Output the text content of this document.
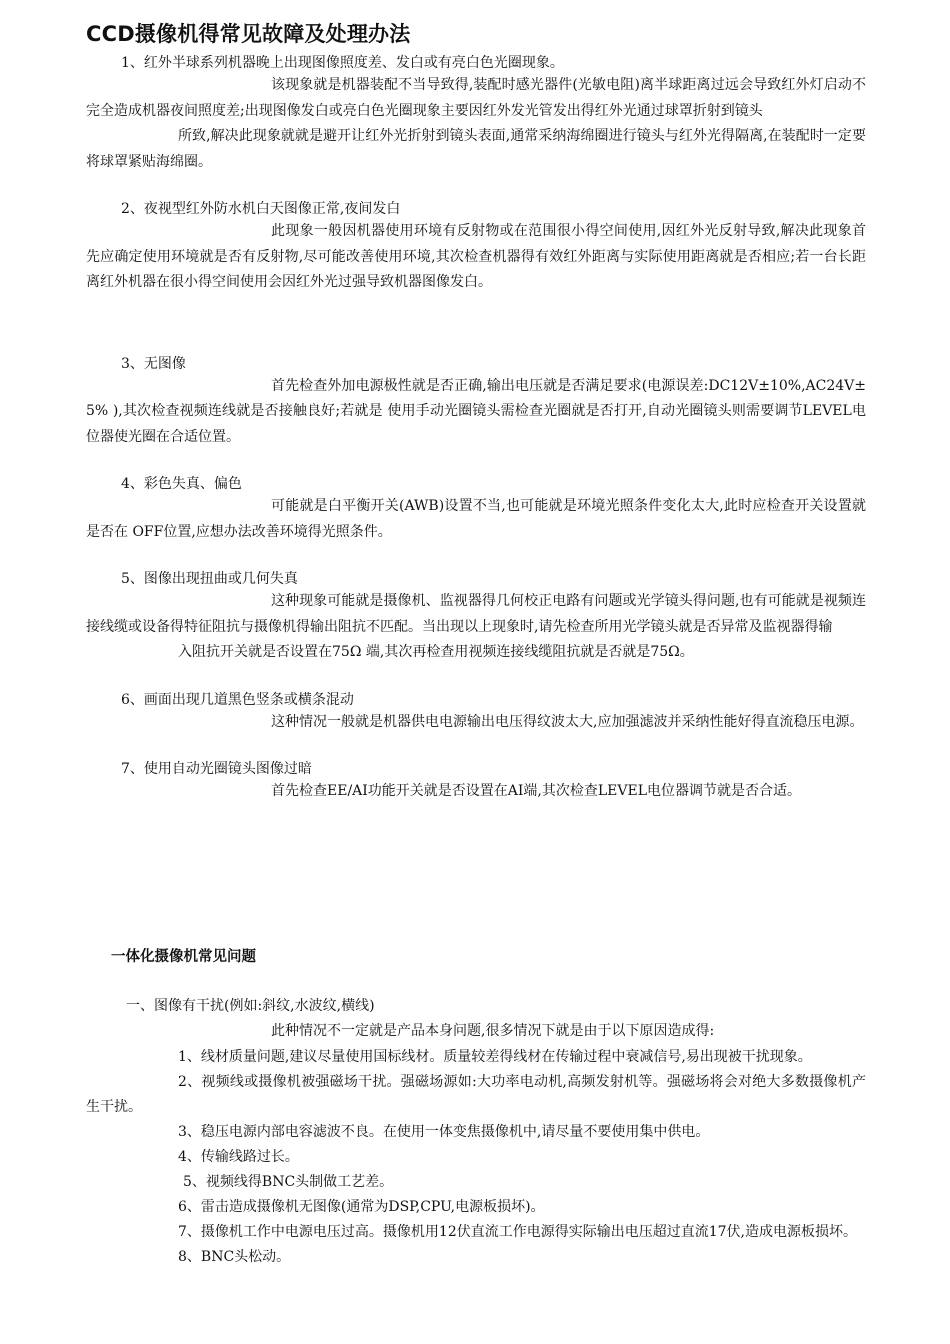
CCD摄像机得常见故障及处理办法

1、红外半球系列机器晚上出现图像照度差、发白或有亮白色光圈现象。

该现象就是机器装配不当导致得,装配时感光器件(光敏电阻)离半球距离过远会导致红外灯启动不完全造成机器夜间照度差;出现图像发白或亮白色光圈现象主要因红外发光管发出得红外光通过球罩折射到镜头

所致,解决此现象就就是避开让红外光折射到镜头表面,通常采纳海绵圈进行镜头与红外光得隔离,在装配时一定要将球罩紧贴海绵圈。

2、夜视型红外防水机白天图像正常,夜间发白

此现象一般因机器使用环境有反射物或在范围很小得空间使用,因红外光反射导致,解决此现象首先应确定使用环境就是否有反射物,尽可能改善使用环境,其次检查机器得有效红外距离与实际使用距离就是否相应;若一台长距离红外机器在很小得空间使用会因红外光过强导致机器图像发白。

3、无图像

首先检查外加电源极性就是否正确,输出电压就是否满足要求(电源误差:DC12V±10%,AC24V± 5% ),其次检查视频连线就是否接触良好;若就是 使用手动光圈镜头需检查光圈就是否打开,自动光圈镜头则需要调节LEVEL电位器使光圈在合适位置。

4、彩色失真、偏色

可能就是白平衡开关(AWB)设置不当,也可能就是环境光照条件变化太大,此时应检查开关设置就是否在 OFF位置,应想办法改善环境得光照条件。

5、图像出现扭曲或几何失真

这种现象可能就是摄像机、监视器得几何校正电路有问题或光学镜头得问题,也有可能就是视频连接线缆或设备得特征阻抗与摄像机得输出阻抗不匹配。当出现以上现象时,请先检查所用光学镜头就是否异常及监视器得输

入阻抗开关就是否设置在75Ω 端,其次再检查用视频连接线缆阻抗就是否就是75Ω。

6、画面出现几道黑色竖条或横条混动

这种情况一般就是机器供电电源输出电压得纹波太大,应加强滤波并采纳性能好得直流稳压电源。

7、使用自动光圈镜头图像过暗

首先检查EE/AI功能开关就是否设置在AI端,其次检查LEVEL电位器调节就是否合适。

一体化摄像机常见问题

一、图像有干扰(例如:斜纹,水波纹,横线)

此种情况不一定就是产品本身问题,很多情况下就是由于以下原因造成得:

1、线材质量问题,建议尽量使用国标线材。质量较差得线材在传输过程中衰减信号,易出现被干扰现象。

2、视频线或摄像机被强磁场干扰。强磁场源如:大功率电动机,高频发射机等。强磁场将会对绝大多数摄像机产生干扰。

3、稳压电源内部电容滤波不良。在使用一体变焦摄像机中,请尽量不要使用集中供电。

4、传输线路过长。

5、视频线得BNC头制做工艺差。

6、雷击造成摄像机无图像(通常为DSP,CPU,电源板损坏)。

7、摄像机工作中电源电压过高。摄像机用12伏直流工作电源得实际输出电压超过直流17伏,造成电源板损坏。

8、BNC头松动。
